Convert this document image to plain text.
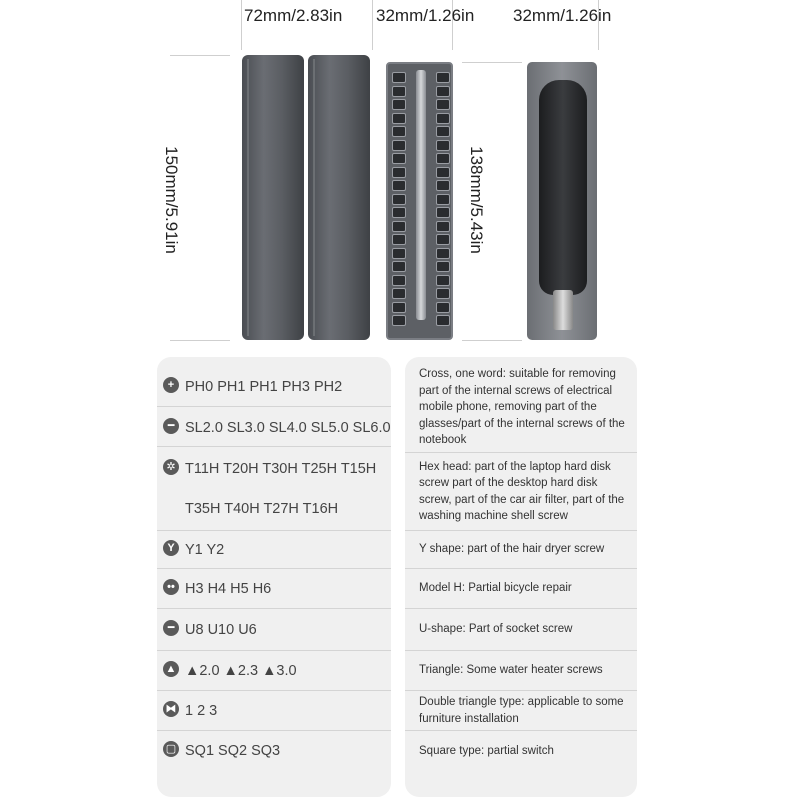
72mm/2.83in 32mm/1.26in 32mm/1.26in
150mm/5.91in	138mm/5.43in
+ PH0 PH1 PH1 PH3 PH2
━ SL2.0 SL3.0 SL4.0 SL5.0 SL6.0
✲ T11H T20H T30H T25H T15H
T35H T40H T27H T16H
Y Y1 Y2
•• H3 H4 H5 H6
━ U8 U10 U6
▲ ▲2.0 ▲2.3 ▲3.0
⧓ 1 2 3
▢ SQ1 SQ2 SQ3
Cross, one word: suitable for removing part of the internal screws of electrical mobile phone, removing part of the glasses/part of the internal screws of the notebook
Hex head: part of the laptop hard disk screw part of the desktop hard disk screw, part of the car air filter, part of the washing machine shell screw
Y shape: part of the hair dryer screw
Model H: Partial bicycle repair
U-shape: Part of socket screw
Triangle: Some water heater screws
Double triangle type: applicable to some furniture installation
Square type: partial switch
